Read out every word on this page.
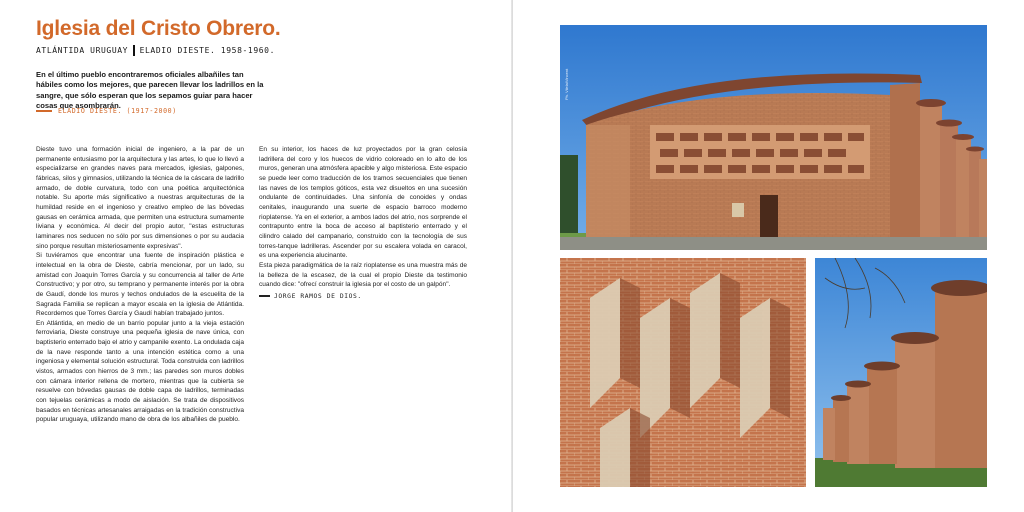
Iglesia del Cristo Obrero.
ATLÁNTIDA URUGUAY ELADIO DIESTE. 1958-1960.
En el último pueblo encontraremos oficiales albañiles tan hábiles como los mejores, que parecen llevar los ladrillos en la sangre, que sólo esperan que los sepamos guiar para hacer cosas que asombrarán.
ELADIO DIESTE. (1917-2000)

Dieste tuvo una formación inicial de ingeniero, a la par de un permanente entusiasmo por la arquitectura y las artes, lo que lo llevó a especializarse en grandes naves para mercados, iglesias, galpones, fábricas, silos y gimnasios, utilizando la técnica de la cáscara de ladrillo armado, de doble curvatura, todo con una poética arquitectónica notable. Su aporte más significativo a nuestras arquitecturas de la humildad reside en el ingenioso y creativo empleo de las bóvedas gausas en cerámica armada, que permiten una estructura sumamente liviana y económica. Al decir del propio autor, "estas estructuras laminares nos seducen no sólo por sus dimensiones o por su audacia sino porque resultan misteriosamente expresivas".

Si tuviéramos que encontrar una fuente de inspiración plástica e intelectual en la obra de Dieste, cabría mencionar, por un lado, su amistad con Joaquín Torres García y su concurrencia al taller de Arte Constructivo; y por otro, su temprano y permanente interés por la obra de Gaudí, donde los muros y techos ondulados de la escuelita de la Sagrada Familia se replican a mayor escala en la iglesia de Atlántida. Recordemos que Torres García y Gaudí habían trabajado juntos.

En Atlántida, en medio de un barrio popular junto a la vieja estación ferroviaria, Dieste construye una pequeña iglesia de nave única, con baptisterio enterrado bajo el atrio y campanile exento. La ondulada caja de la nave responde tanto a una intención estética como a una ingeniosa y elemental solución estructural. Toda construida con ladrillos vistos, armados con hierros de 3 mm.; las paredes son muros dobles con cámara interior rellena de mortero, mientras que la cubierta se resuelve con bóvedas gausas de doble capa de ladrillos, terminadas con tejuelas cerámicas a modo de aislación. Se trata de dispositivos basados en técnicas artesanales arraigadas en la tradición constructiva popular uruguaya, utilizando mano de obra de los albañiles de pueblo.

En su interior, los haces de luz proyectados por la gran celosía ladrillera del coro y los huecos de vidrio coloreado en lo alto de los muros, generan una atmósfera apacible y algo misteriosa. Este espacio se puede leer como traducción de los tramos secuenciales que tienen las naves de los templos góticos, esta vez disueltos en una sucesión ondulante de continuidades. Una sinfonía de conoides y ondas cenitales, inaugurando una suerte de espacio barroco moderno rioplatense. Ya en el exterior, a ambos lados del atrio, nos sorprende el contrapunto entre la boca de acceso al baptisterio enterrado y el cilindro calado del campanario, construido con la tecnología de sus torres-tanque ladrilleras. Ascender por su escalera volada en caracol, es una experiencia alucinante.

Esta pieza paradigmática de la raíz rioplatense es una muestra más de la belleza de la escasez, de la cual el propio Dieste da testimonio cuando dice: "ofrecí construir la iglesia por el costo de un galpón".

JORGE RAMOS DE DIOS.
Ph. Vilela/Vincent
